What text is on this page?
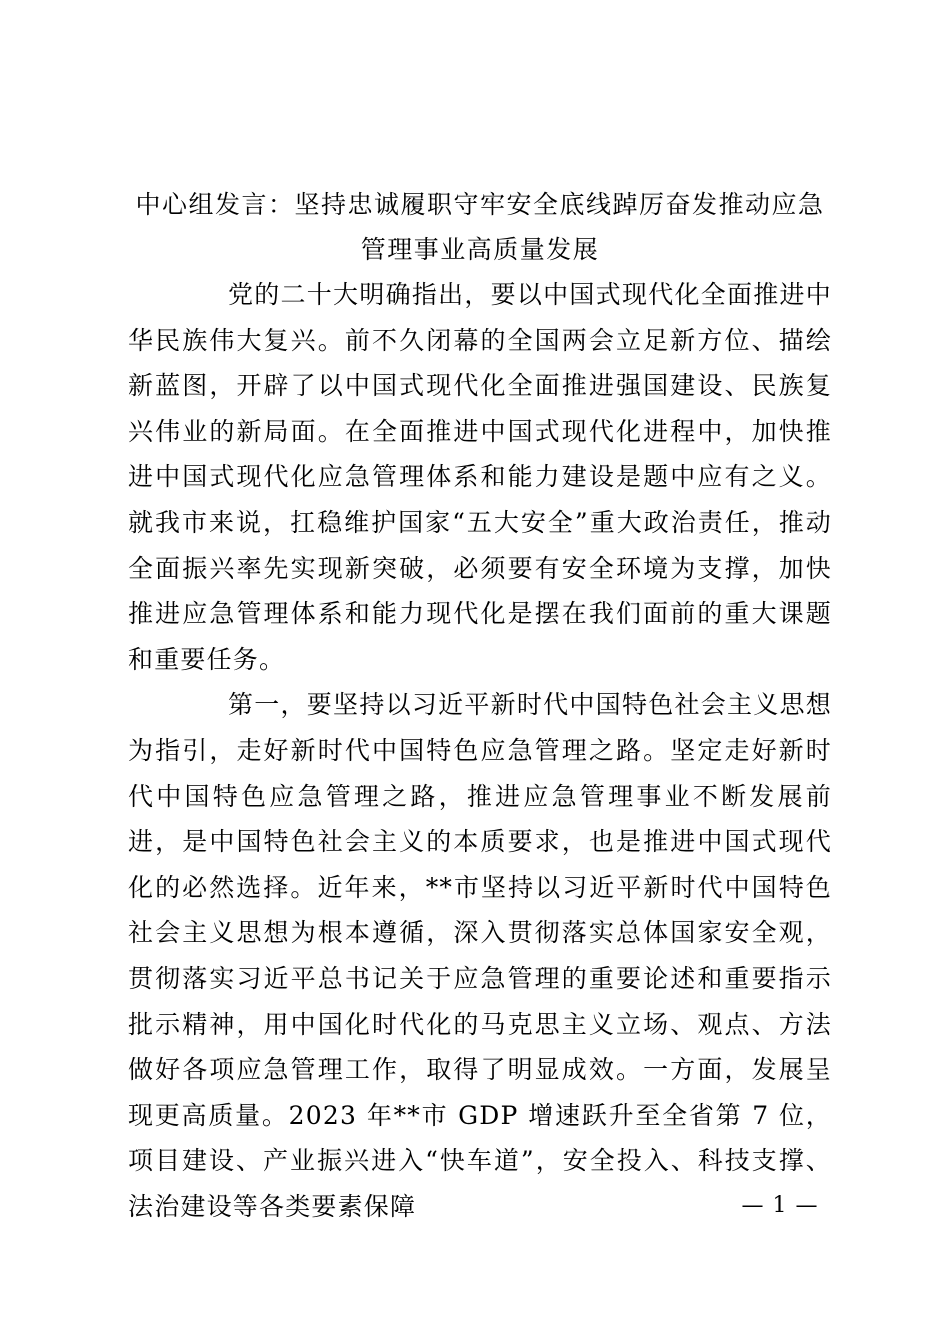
中心组发言：坚持忠诚履职守牢安全底线踔厉奋发推动应急管理事业高质量发展

党的二十大明确指出，要以中国式现代化全面推进中华民族伟大复兴。前不久闭幕的全国两会立足新方位、描绘新蓝图，开辟了以中国式现代化全面推进强国建设、民族复兴伟业的新局面。在全面推进中国式现代化进程中，加快推进中国式现代化应急管理体系和能力建设是题中应有之义。就我市来说，扛稳维护国家“五大安全”重大政治责任，推动全面振兴率先实现新突破，必须要有安全环境为支撑，加快推进应急管理体系和能力现代化是摆在我们面前的重大课题和重要任务。

第一，要坚持以习近平新时代中国特色社会主义思想为指引，走好新时代中国特色应急管理之路。坚定走好新时代中国特色应急管理之路，推进应急管理事业不断发展前进，是中国特色社会主义的本质要求，也是推进中国式现代化的必然选择。近年来，**市坚持以习近平新时代中国特色社会主义思想为根本遵循，深入贯彻落实总体国家安全观，贯彻落实习近平总书记关于应急管理的重要论述和重要指示批示精神，用中国化时代化的马克思主义立场、观点、方法做好各项应急管理工作，取得了明显成效。一方面，发展呈现更高质量。2023 年**市 GDP 增速跃升至全省第 7 位，项目建设、产业振兴进入“快车道”，安全投入、科技支撑、法治建设等各类要素保障	— 1 —
